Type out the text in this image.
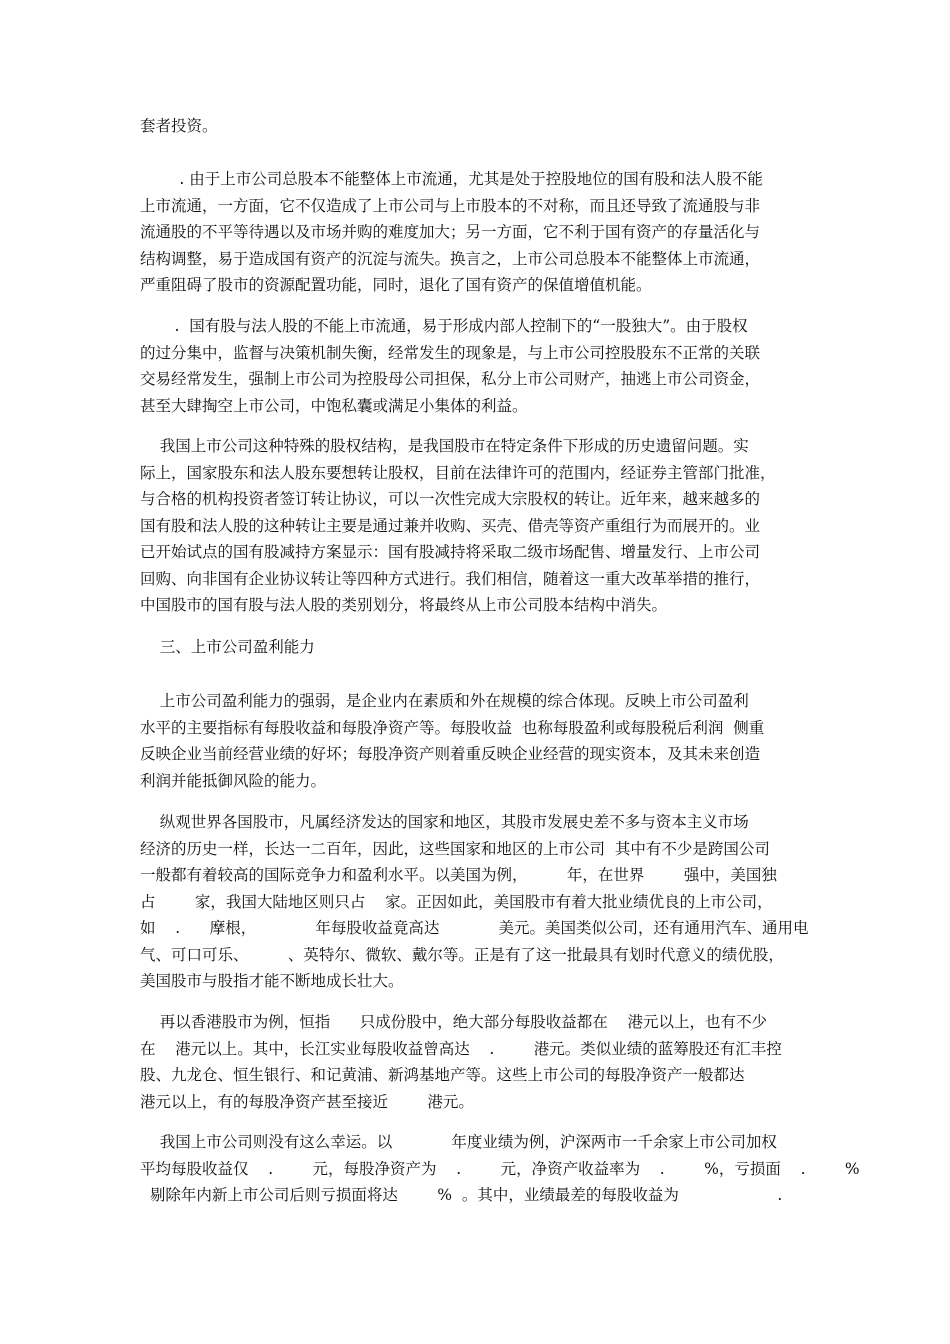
套者投资。
. 由于上市公司总股本不能整体上市流通，尤其是处于控股地位的国有股和法人股不能
上市流通，一方面，它不仅造成了上市公司与上市股本的不对称，而且还导致了流通股与非
流通股的不平等待遇以及市场并购的难度加大；另一方面，它不利于国有资产的存量活化与
结构调整，易于造成国有资产的沉淀与流失。换言之，上市公司总股本不能整体上市流通，
严重阻碍了股市的资源配置功能，同时，退化了国有资产的保值增值机能。
.  国有股与法人股的不能上市流通，易于形成内部人控制下的“一股独大”。由于股权
的过分集中，监督与决策机制失衡，经常发生的现象是，与上市公司控股股东不正常的关联
交易经常发生，强制上市公司为控股母公司担保，私分上市公司财产，抽逃上市公司资金，
甚至大肆掏空上市公司，中饱私囊或满足小集体的利益。
我国上市公司这种特殊的股权结构，是我国股市在特定条件下形成的历史遗留问题。实
际上，国家股东和法人股东要想转让股权，目前在法律许可的范围内，经证券主管部门批准，
与合格的机构投资者签订转让协议，可以一次性完成大宗股权的转让。近年来，越来越多的
国有股和法人股的这种转让主要是通过兼并收购、买壳、借壳等资产重组行为而展开的。业
已开始试点的国有股减持方案显示：国有股减持将采取二级市场配售、增量发行、上市公司
回购、向非国有企业协议转让等四种方式进行。我们相信，随着这一重大改革举措的推行，
中国股市的国有股与法人股的类别划分，将最终从上市公司股本结构中消失。
三、上市公司盈利能力
上市公司盈利能力的强弱，是企业内在素质和外在规模的综合体现。反映上市公司盈利
水平的主要指标有每股收益和每股净资产等。每股收益  也称每股盈利或每股税后利润  侧重
反映企业当前经营业绩的好坏；每股净资产则着重反映企业经营的现实资本，及其未来创造
利润并能抵御风险的能力。
纵观世界各国股市，凡属经济发达的国家和地区，其股市发展史差不多与资本主义市场
经济的历史一样，长达一二百年，因此，这些国家和地区的上市公司  其中有不少是跨国公司
一般都有着较高的国际竞争力和盈利水平。以美国为例，        年，在世界        强中，美国独
占        家，我国大陆地区则只占    家。正因如此，美国股市有着大批业绩优良的上市公司，
如    .      摩根，            年每股收益竟高达            美元。美国类似公司，还有通用汽车、通用电
气、可口可乐、        、英特尔、微软、戴尔等。正是有了这一批最具有划时代意义的绩优股，
美国股市与股指才能不断地成长壮大。
再以香港股市为例，恒指      只成份股中，绝大部分每股收益都在    港元以上，也有不少
在    港元以上。其中，长江实业每股收益曾高达    .        港元。类似业绩的蓝筹股还有汇丰控
股、九龙仓、恒生银行、和记黄浦、新鸿基地产等。这些上市公司的每股净资产一般都达
港元以上，有的每股净资产甚至接近        港元。
我国上市公司则没有这么幸运。以            年度业绩为例，沪深两市一千余家上市公司加权
平均每股收益仅    .        元，每股净资产为    .        元，净资产收益率为    .        %，亏损面    .        %
剔除年内新上市公司后则亏损面将达        %  。其中，业绩最差的每股收益为                    .
